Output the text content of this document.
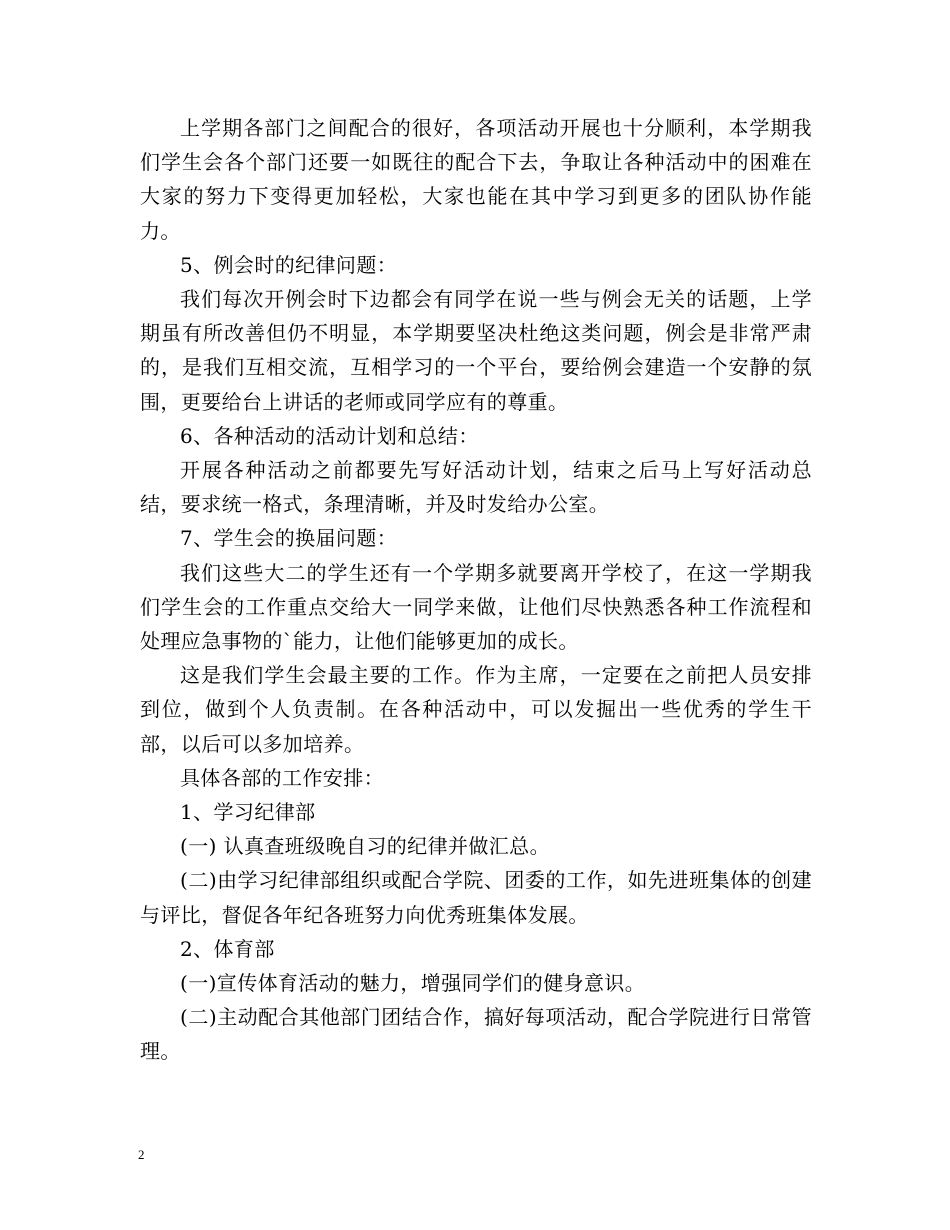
上学期各部门之间配合的很好，各项活动开展也十分顺利，本学期我们学生会各个部门还要一如既往的配合下去，争取让各种活动中的困难在大家的努力下变得更加轻松，大家也能在其中学习到更多的团队协作能力。

5、例会时的纪律问题：

我们每次开例会时下边都会有同学在说一些与例会无关的话题，上学期虽有所改善但仍不明显，本学期要坚决杜绝这类问题，例会是非常严肃的，是我们互相交流，互相学习的一个平台，要给例会建造一个安静的氛围，更要给台上讲话的老师或同学应有的尊重。

6、各种活动的活动计划和总结：

开展各种活动之前都要先写好活动计划，结束之后马上写好活动总结，要求统一格式，条理清晰，并及时发给办公室。

7、学生会的换届问题：

我们这些大二的学生还有一个学期多就要离开学校了，在这一学期我们学生会的工作重点交给大一同学来做，让他们尽快熟悉各种工作流程和处理应急事物的`能力，让他们能够更加的成长。

这是我们学生会最主要的工作。作为主席，一定要在之前把人员安排到位，做到个人负责制。在各种活动中，可以发掘出一些优秀的学生干部，以后可以多加培养。

具体各部的工作安排：

1、学习纪律部

(一) 认真查班级晚自习的纪律并做汇总。

(二)由学习纪律部组织或配合学院、团委的工作，如先进班集体的创建与评比，督促各年纪各班努力向优秀班集体发展。

2、体育部

(一)宣传体育活动的魅力，增强同学们的健身意识。

(二)主动配合其他部门团结合作，搞好每项活动，配合学院进行日常管理。

2
